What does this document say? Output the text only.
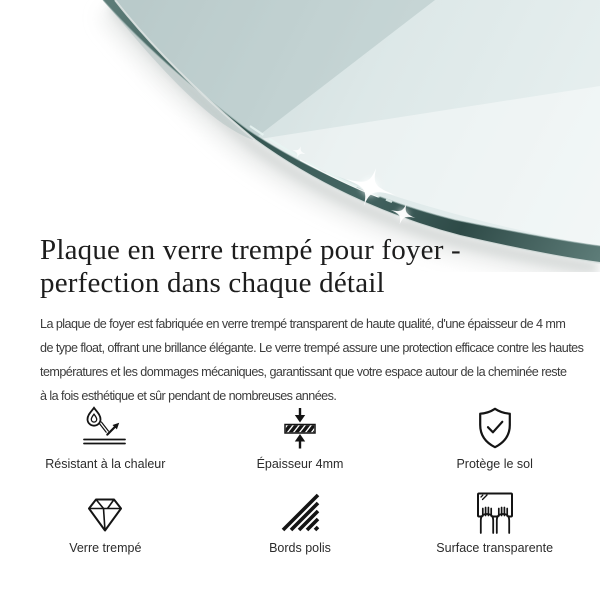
Plaque en verre trempé pour foyer -
perfection dans chaque détail
La plaque de foyer est fabriquée en verre trempé transparent de haute qualité, d'une épaisseur de 4 mm
de type float, offrant une brillance élégante. Le verre trempé assure une protection efficace contre les hautes
températures et les dommages mécaniques, garantissant que votre espace autour de la cheminée reste
à la fois esthétique et sûr pendant de nombreuses années.
Résistant à la chaleur	Épaisseur 4mm	Protège le sol
Verre trempé	Bords polis	Surface transparente
